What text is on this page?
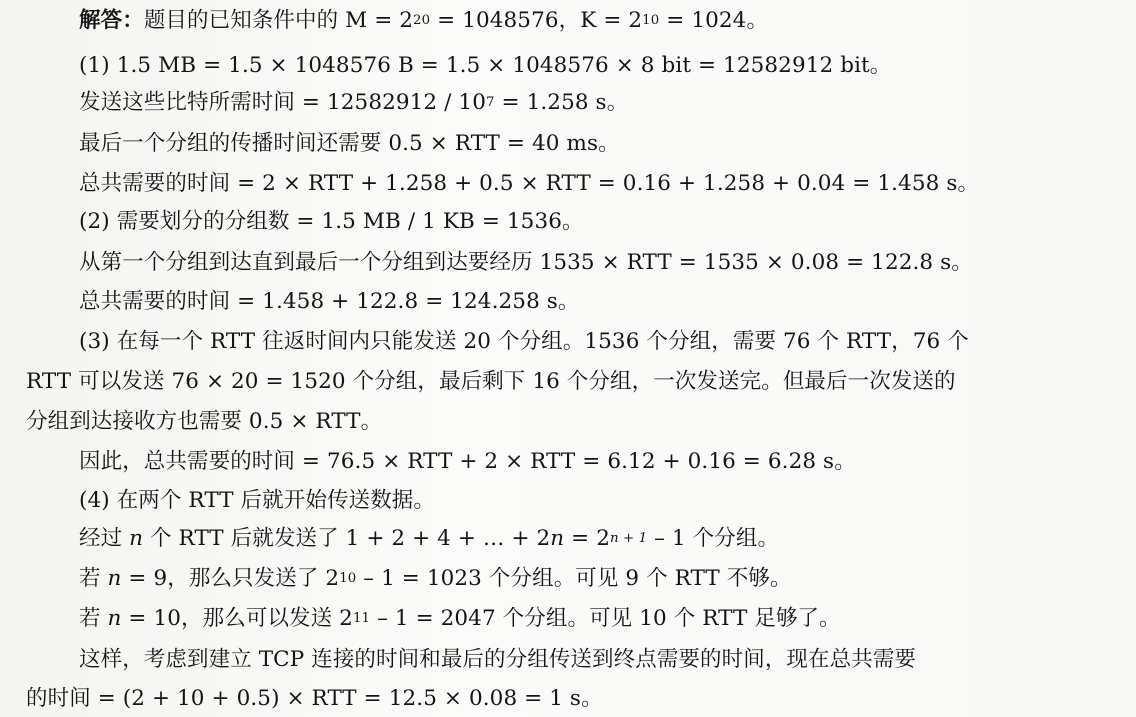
解答：题目的已知条件中的 $M = 2^{20} = 1048576$，$K = 2^{10} = 1024$。
(1) 1.5 MB = 1.5 × 1048576 B = 1.5 × 1048576 × 8 bit = 12582912 bit。
发送这些比特所需时间 = $12582912 / 10^7 = 1.258$ s。
最后一个分组的传播时间还需要 0.5 × RTT = 40 ms。
总共需要的时间 = 2 × RTT + 1.258 + 0.5 × RTT = 0.16 + 1.258 + 0.04 = 1.458 s。
(2) 需要划分的分组数 = 1.5 MB / 1 KB = 1536。
从第一个分组到达直到最后一个分组到达要经历 1535 × RTT = 1535 × 0.08 = 122.8 s。
总共需要的时间 = 1.458 + 122.8 = 124.258 s。
(3) 在每一个 RTT 往返时间内只能发送 20 个分组。1536 个分组，需要 76 个 RTT，76 个
RTT 可以发送 76 × 20 = 1520 个分组，最后剩下 16 个分组，一次发送完。但最后一次发送的
分组到达接收方也需要 0.5 × RTT。
因此，总共需要的时间 = 76.5 × RTT + 2 × RTT = 6.12 + 0.16 = 6.28 s。
(4) 在两个 RTT 后就开始传送数据。
经过 n 个 RTT 后就发送了 1 + 2 + 4 + … + $2n = 2^{n + 1} - 1$ 个分组。
若 n = 9，那么只发送了 $2^{10} - 1 = 1023$ 个分组。可见 9 个 RTT 不够。
若 n = 10，那么可以发送 $2^{11} - 1 = 2047$ 个分组。可见 10 个 RTT 足够了。
这样，考虑到建立 TCP 连接的时间和最后的分组传送到终点需要的时间，现在总共需要
的时间 = (2 + 10 + 0.5) × RTT = 12.5 × 0.08 = 1 s。
